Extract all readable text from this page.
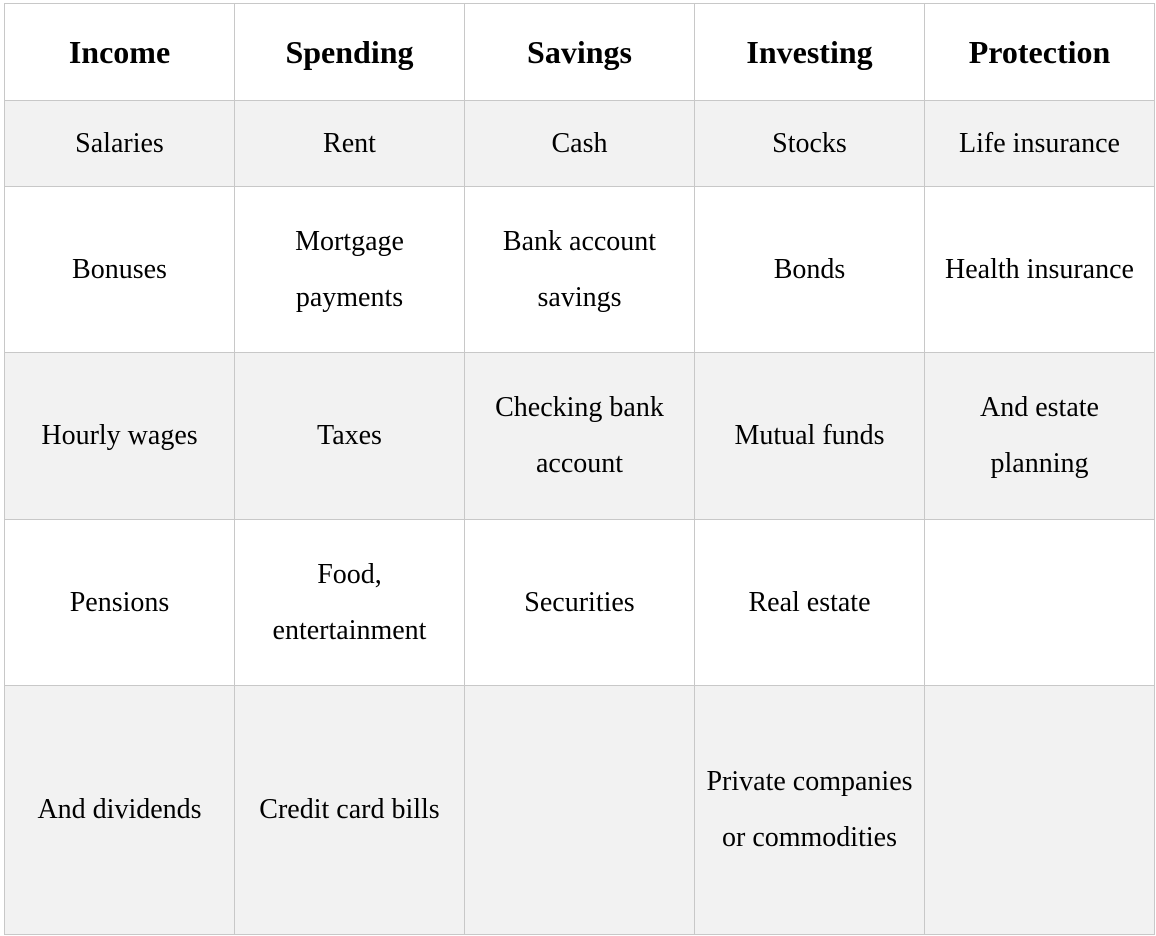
Income	Spending	Savings	Investing	Protection
Salaries	Rent	Cash	Stocks	Life insurance
Bonuses	Mortgage payments	Bank account savings	Bonds	Health insurance
Hourly wages	Taxes	Checking bank account	Mutual funds	And estate planning
Pensions	Food, entertainment	Securities	Real estate	
And dividends	Credit card bills		Private companies or commodities	
